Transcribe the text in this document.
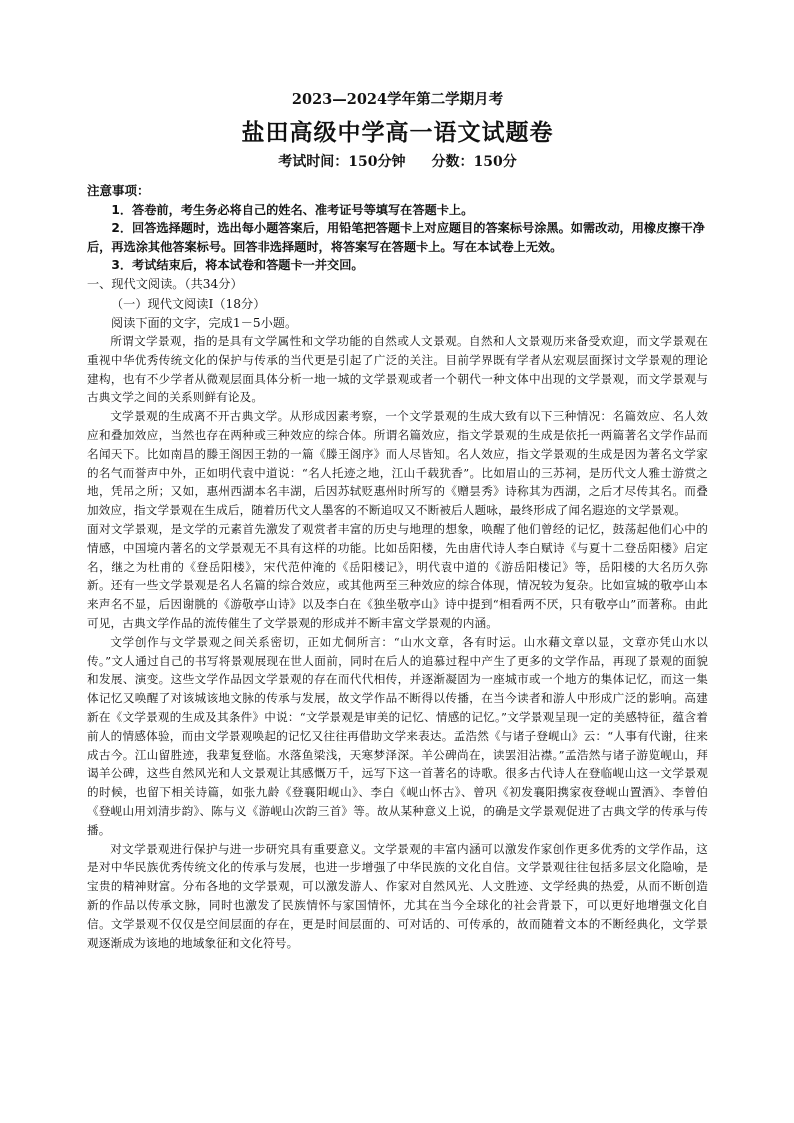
2023—2024学年第二学期月考
盐田高级中学高一语文试题卷
考试时间：150分钟 分数：150分
注意事项：

1．答卷前，考生务必将自己的姓名、准考证号等填写在答题卡上。

2．回答选择题时，选出每小题答案后，用铅笔把答题卡上对应题目的答案标号涂黑。如需改动，用橡皮擦干净后，再选涂其他答案标号。回答非选择题时，将答案写在答题卡上。写在本试卷上无效。

3．考试结束后，将本试卷和答题卡一并交回。

一、现代文阅读。（共34分）

（一）现代文阅读Ⅰ（18分）

阅读下面的文字，完成1－5小题。

所谓文学景观，指的是具有文学属性和文学功能的自然或人文景观。自然和人文景观历来备受欢迎，而文学景观在重视中华优秀传统文化的保护与传承的当代更是引起了广泛的关注。目前学界既有学者从宏观层面探讨文学景观的理论建构，也有不少学者从微观层面具体分析一地一城的文学景观或者一个朝代一种文体中出现的文学景观，而文学景观与古典文学之间的关系则鲜有论及。

文学景观的生成离不开古典文学。从形成因素考察，一个文学景观的生成大致有以下三种情况：名篇效应、名人效应和叠加效应，当然也存在两种或三种效应的综合体。所谓名篇效应，指文学景观的生成是依托一两篇著名文学作品而名闻天下。比如南昌的滕王阁因王勃的一篇《滕王阁序》而人尽皆知。名人效应，指文学景观的生成是因为著名文学家的名气而誉声中外，正如明代袁中道说：“名人托迹之地，江山千载犹香”。比如眉山的三苏祠，是历代文人雅士游赏之地，凭吊之所；又如，惠州西湖本名丰湖，后因苏轼贬惠州时所写的《赠昙秀》诗称其为西湖，之后才尽传其名。而叠加效应，指文学景观在生成后，随着历代文人墨客的不断追叹又不断被后人题咏，最终形成了闻名遐迩的文学景观。

面对文学景观，是文学的元素首先激发了观赏者丰富的历史与地理的想象，唤醒了他们曾经的记忆，鼓荡起他们心中的情感，中国境内著名的文学景观无不具有这样的功能。比如岳阳楼，先由唐代诗人李白赋诗《与夏十二登岳阳楼》启定名，继之为杜甫的《登岳阳楼》，宋代范仲淹的《岳阳楼记》，明代袁中道的《游岳阳楼记》等，岳阳楼的大名历久弥新。还有一些文学景观是名人名篇的综合效应，或其他两至三种效应的综合体现，情况较为复杂。比如宣城的敬亭山本来声名不显，后因谢朓的《游敬亭山诗》以及李白在《独坐敬亭山》诗中提到“相看两不厌，只有敬亭山”而著称。由此可见，古典文学作品的流传催生了文学景观的形成并不断丰富文学景观的内涵。

文学创作与文学景观之间关系密切，正如尤侗所言：“山水文章，各有时运。山水藉文章以显，文章亦凭山水以传。”文人通过自己的书写将景观展现在世人面前，同时在后人的追慕过程中产生了更多的文学作品，再现了景观的面貌和发展、演变。这些文学作品因文学景观的存在而代代相传，并逐渐凝固为一座城市或一个地方的集体记忆，而这一集体记忆又唤醒了对该城该地文脉的传承与发展，故文学作品不断得以传播，在当今读者和游人中形成广泛的影响。高建新在《文学景观的生成及其条件》中说：“文学景观是审美的记忆、情感的记忆。”文学景观呈现一定的美感特征，蕴含着前人的情感体验，而由文学景观唤起的记忆又往往再借助文学来表达。孟浩然《与诸子登岘山》云：“人事有代谢，往来成古今。江山留胜迹，我辈复登临。水落鱼梁浅，天寒梦泽深。羊公碑尚在，读罢泪沾襟。”孟浩然与诸子游览岘山，拜谒羊公碑，这些自然风光和人文景观让其感慨万千，远写下这一首著名的诗歌。很多古代诗人在登临岘山这一文学景观的时候，也留下相关诗篇，如张九龄《登襄阳岘山》、李白《岘山怀古》、曾巩《初发襄阳携家夜登岘山置酒》、李曾伯《登岘山用刘清步韵》、陈与义《游岘山次韵三首》等。故从某种意义上说，的确是文学景观促进了古典文学的传承与传播。

对文学景观进行保护与进一步研究具有重要意义。文学景观的丰富内涵可以激发作家创作更多优秀的文学作品，这是对中华民族优秀传统文化的传承与发展，也进一步增强了中华民族的文化自信。文学景观往往包括多层文化隐喻，是宝贵的精神财富。分布各地的文学景观，可以激发游人、作家对自然风光、人文胜迹、文学经典的热爱，从而不断创造新的作品以传承文脉，同时也激发了民族情怀与家国情怀，尤其在当今全球化的社会背景下，可以更好地增强文化自信。文学景观不仅仅是空间层面的存在，更是时间层面的、可对话的、可传承的，故而随着文本的不断经典化，文学景观逐渐成为该地的地域象征和文化符号。
